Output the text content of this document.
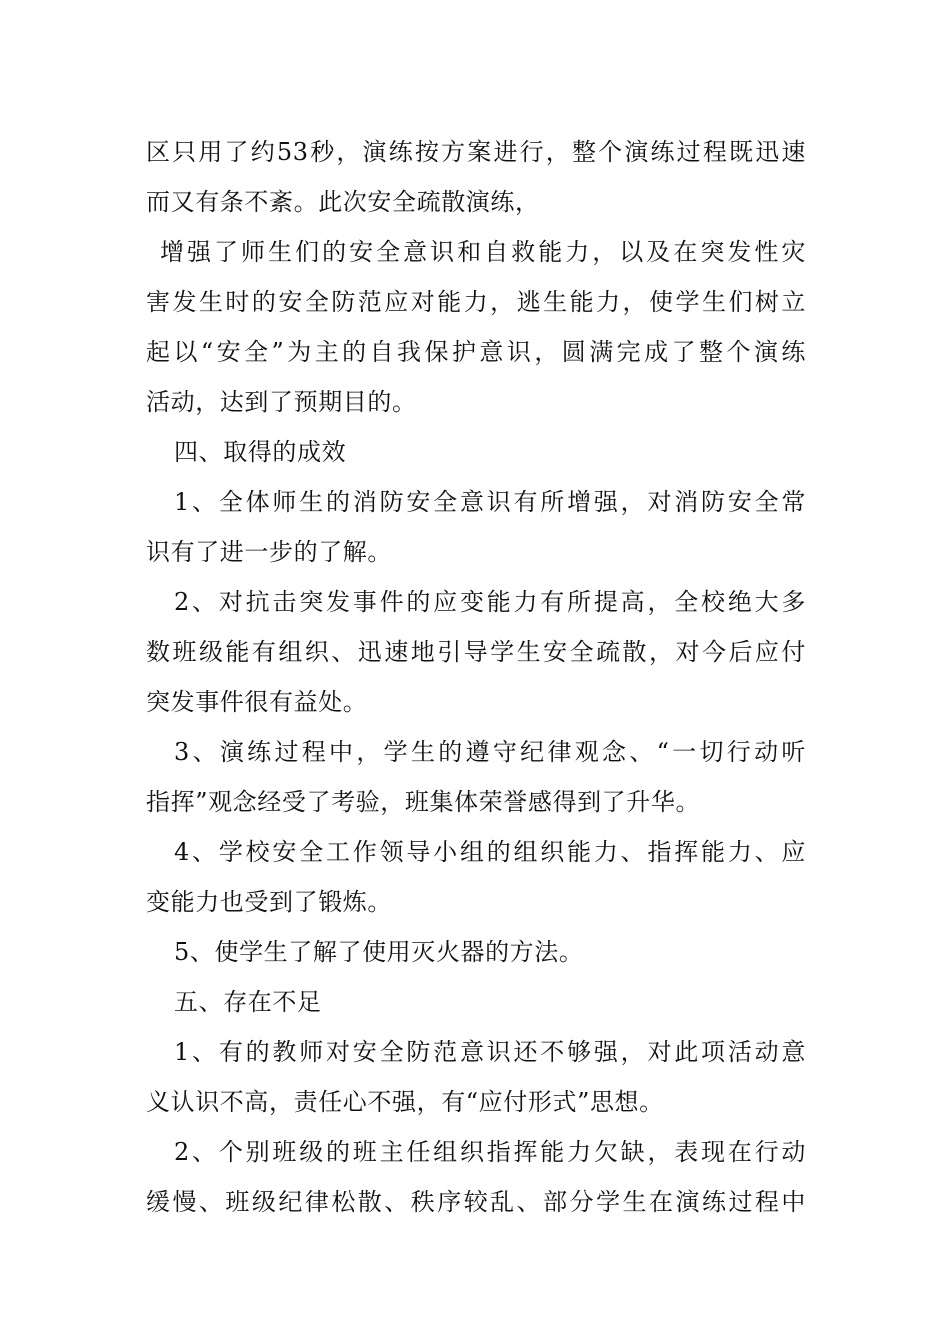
区只用了约53秒，演练按方案进行，整个演练过程既迅速
而又有条不紊。此次安全疏散演练，
增强了师生们的安全意识和自救能力，以及在突发性灾
害发生时的安全防范应对能力，逃生能力，使学生们树立
起以“安全”为主的自我保护意识，圆满完成了整个演练
活动，达到了预期目的。
四、取得的成效
1、全体师生的消防安全意识有所增强，对消防安全常
识有了进一步的了解。
2、对抗击突发事件的应变能力有所提高，全校绝大多
数班级能有组织、迅速地引导学生安全疏散，对今后应付
突发事件很有益处。
3、演练过程中，学生的遵守纪律观念、“一切行动听
指挥”观念经受了考验，班集体荣誉感得到了升华。
4、学校安全工作领导小组的组织能力、指挥能力、应
变能力也受到了锻炼。
5、使学生了解了使用灭火器的方法。
五、存在不足
1、有的教师对安全防范意识还不够强，对此项活动意
义认识不高，责任心不强，有“应付形式”思想。
2、个别班级的班主任组织指挥能力欠缺，表现在行动
缓慢、班级纪律松散、秩序较乱、部分学生在演练过程中
